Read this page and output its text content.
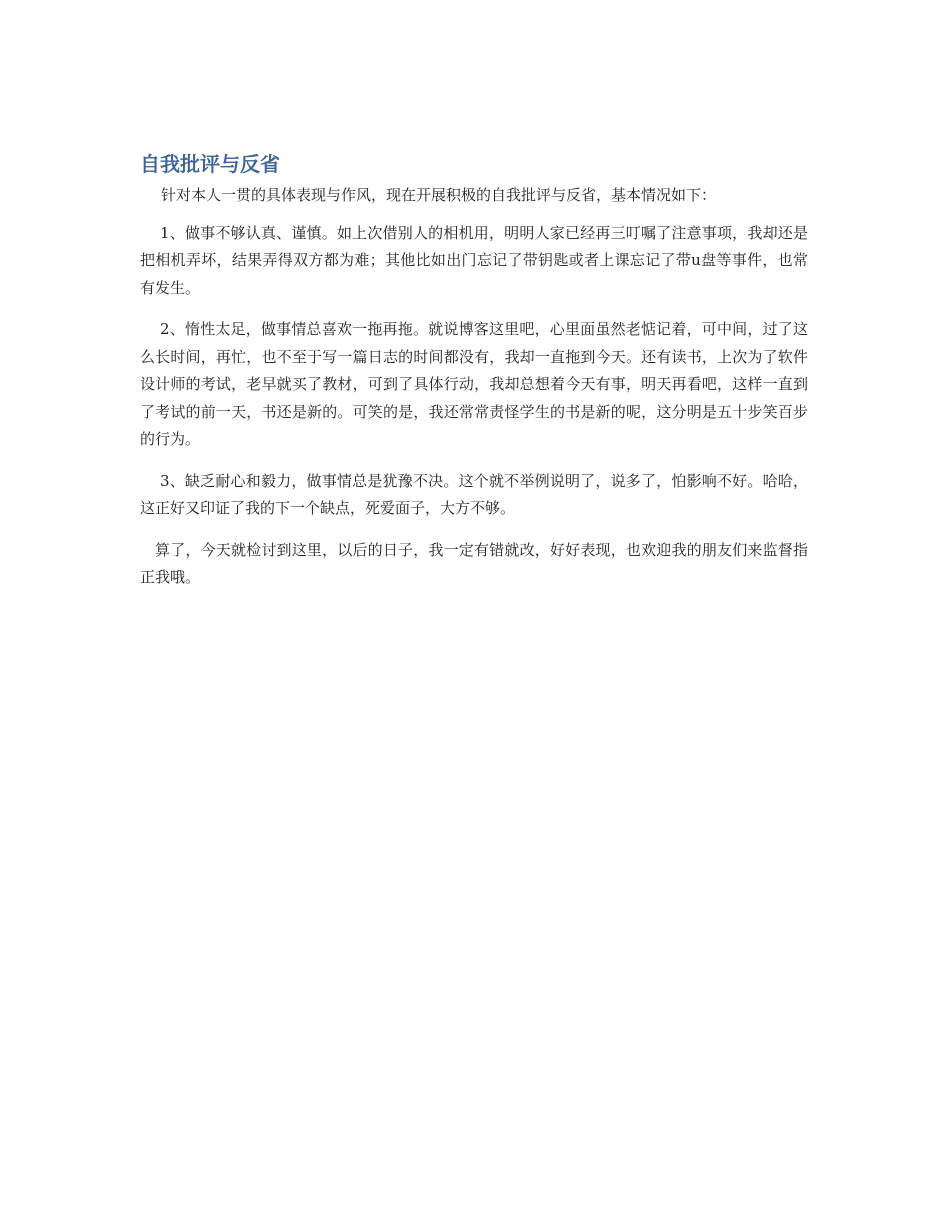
自我批评与反省

针对本人一贯的具体表现与作风，现在开展积极的自我批评与反省，基本情况如下：

1、做事不够认真、谨慎。如上次借别人的相机用，明明人家已经再三叮嘱了注意事项，我却还是把相机弄坏，结果弄得双方都为难；其他比如出门忘记了带钥匙或者上课忘记了带u盘等事件，也常有发生。

2、惰性太足，做事情总喜欢一拖再拖。就说博客这里吧，心里面虽然老惦记着，可中间，过了这么长时间，再忙，也不至于写一篇日志的时间都没有，我却一直拖到今天。还有读书，上次为了软件设计师的考试，老早就买了教材，可到了具体行动，我却总想着今天有事，明天再看吧，这样一直到了考试的前一天，书还是新的。可笑的是，我还常常责怪学生的书是新的呢，这分明是五十步笑百步的行为。

3、缺乏耐心和毅力，做事情总是犹豫不决。这个就不举例说明了，说多了，怕影响不好。哈哈，这正好又印证了我的下一个缺点，死爱面子，大方不够。

算了，今天就检讨到这里，以后的日子，我一定有错就改，好好表现，也欢迎我的朋友们来监督指正我哦。
